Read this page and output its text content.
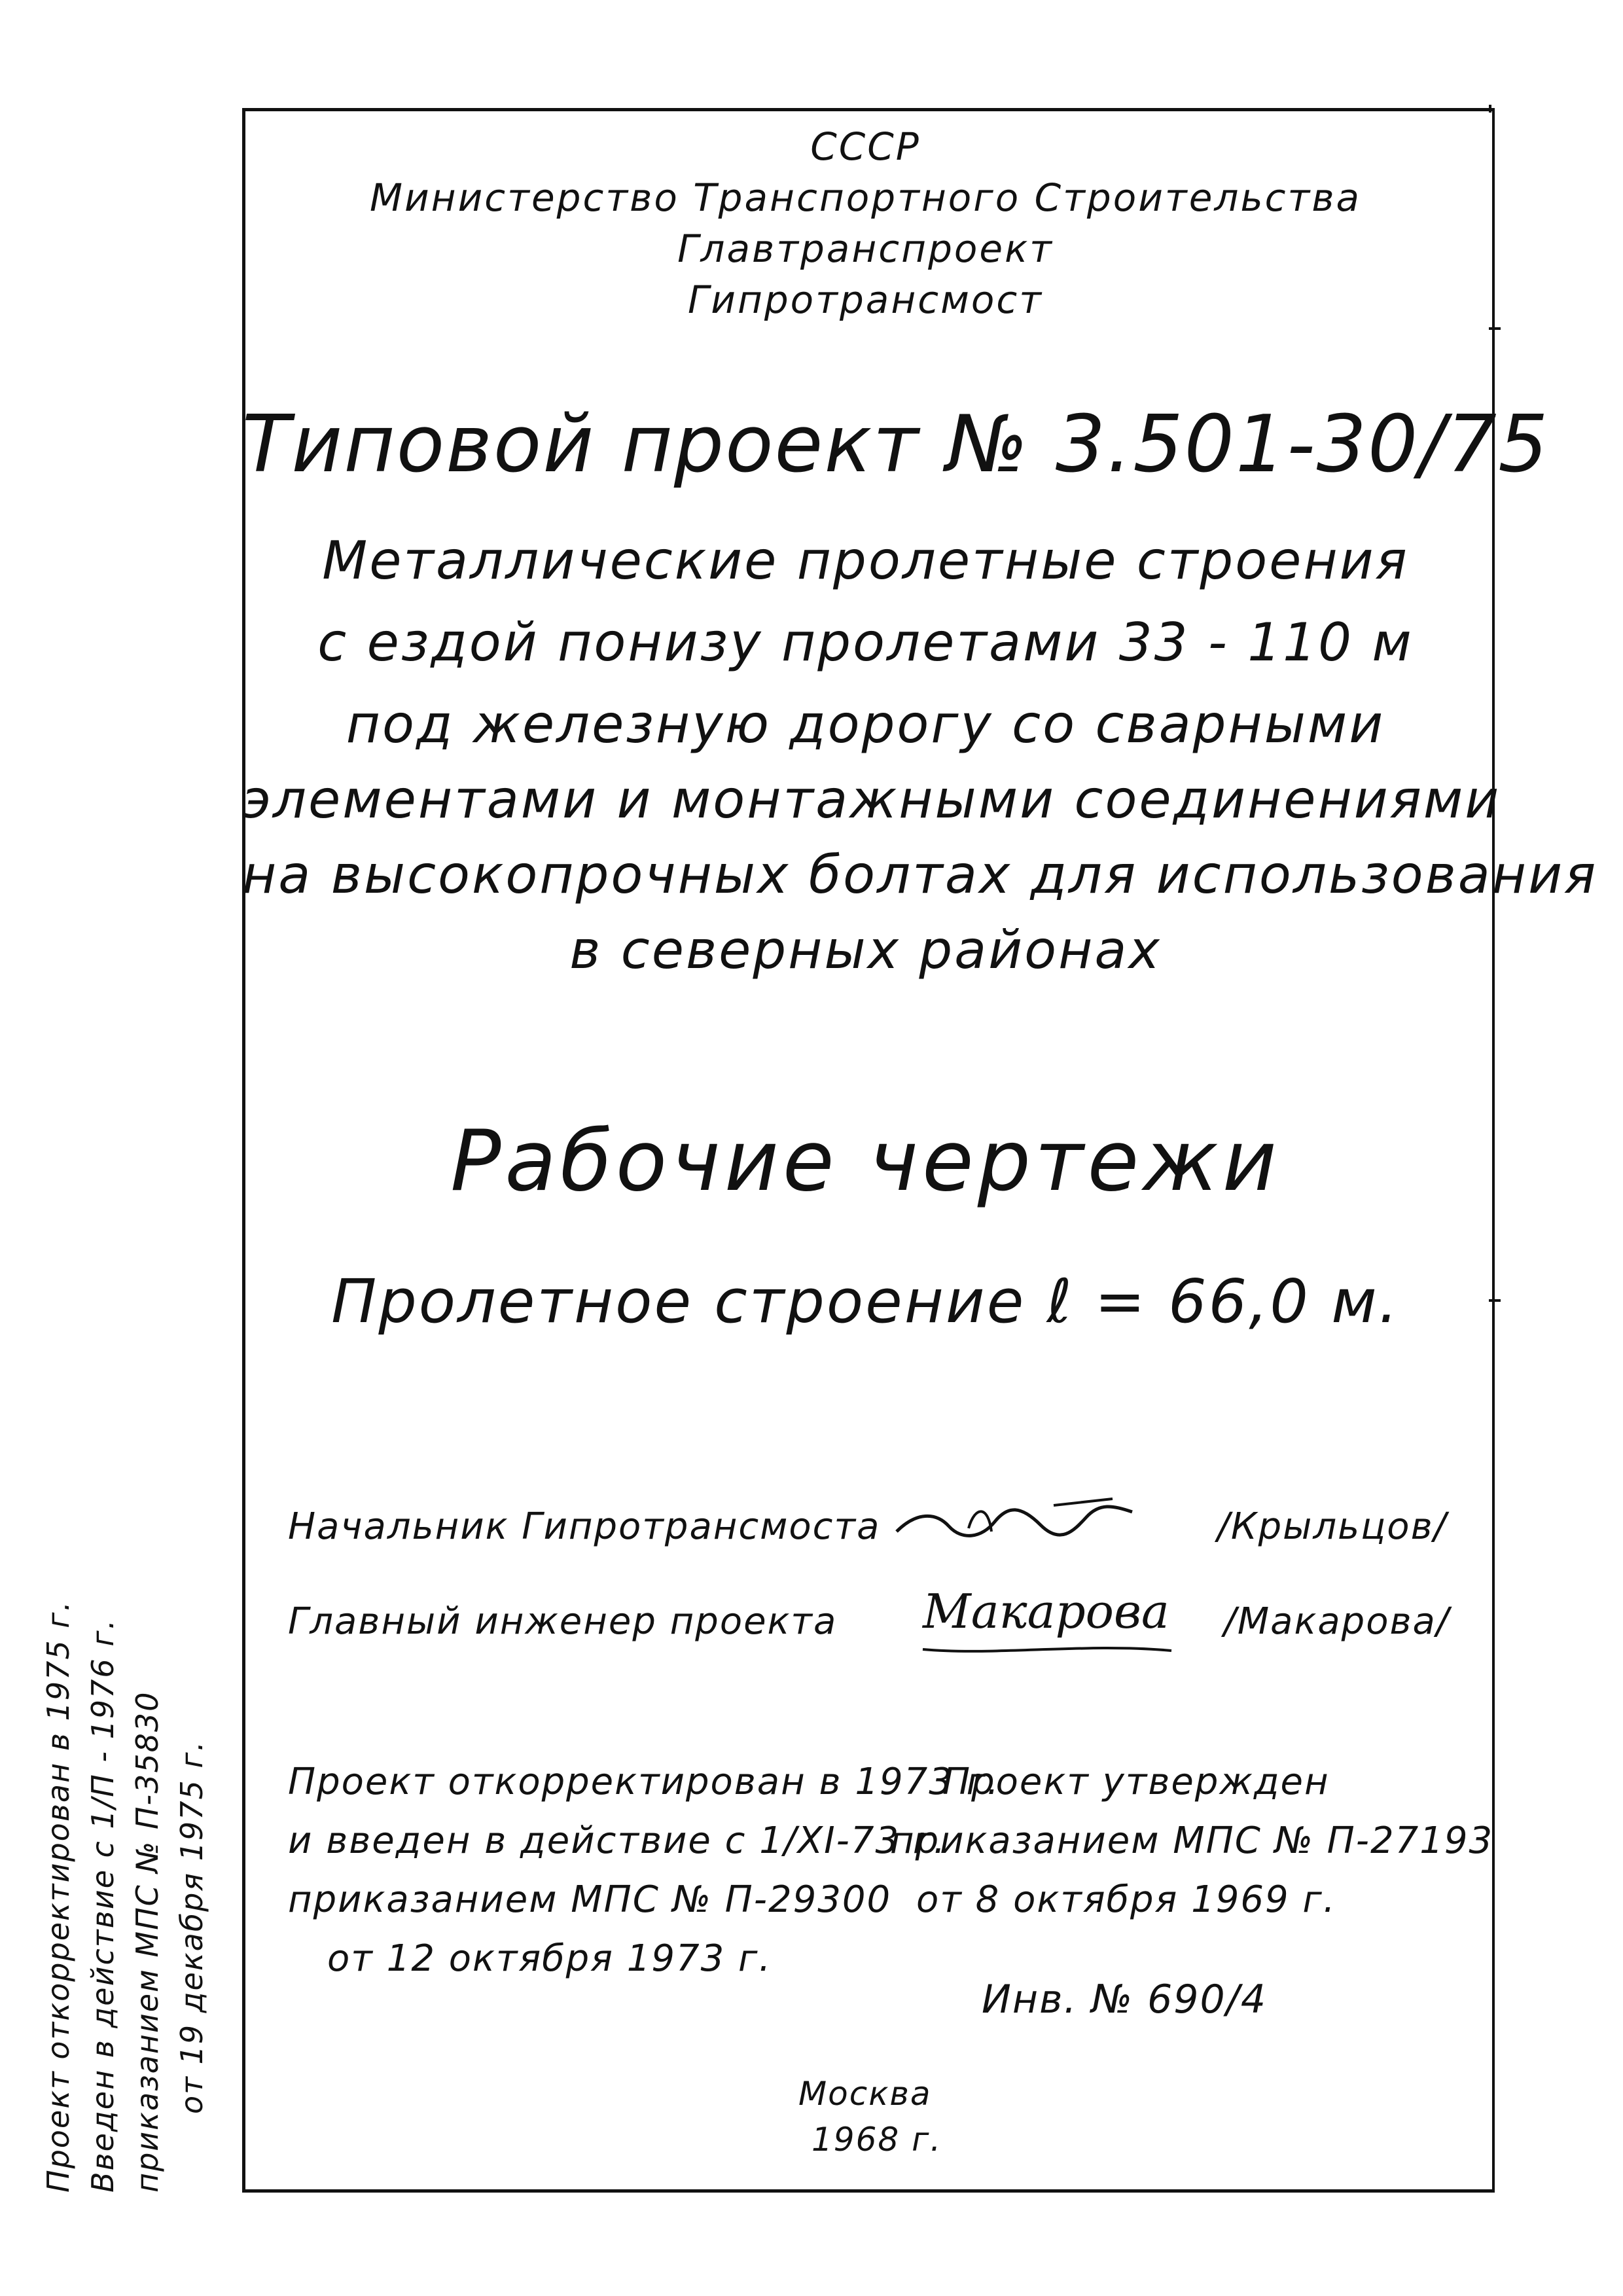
СССР
Министерство Транспортного Строительства
Главтранспроект
Гипротрансмост
Типовой проект № 3.501-30/75
Металлические пролетные строения
с ездой понизу пролетами 33 - 110 м
под железную дорогу со сварными
элементами и монтажными соединениями
на высокопрочных болтах для использования
в северных районах
Рабочие чертежи
Пролетное строение ℓ = 66,0 м.
Начальник Гипротрансмоста	/Крыльцов/
Главный инженер проекта Макарова /Макарова/
Проект откорректирован в 1973 г.
и введен в действие с 1/XI-73 г.
приказанием МПС № П-29300
от 12 октября 1973 г.
Проект утвержден
приказанием МПС № П-27193
от 8 октября 1969 г.
Инв. № 690/4
Москва
1968 г.
Проект откорректирован в 1975 г. Введен в действие с 1/П - 1976 г. приказанием МПС № П-35830 от 19 декабря 1975 г.
